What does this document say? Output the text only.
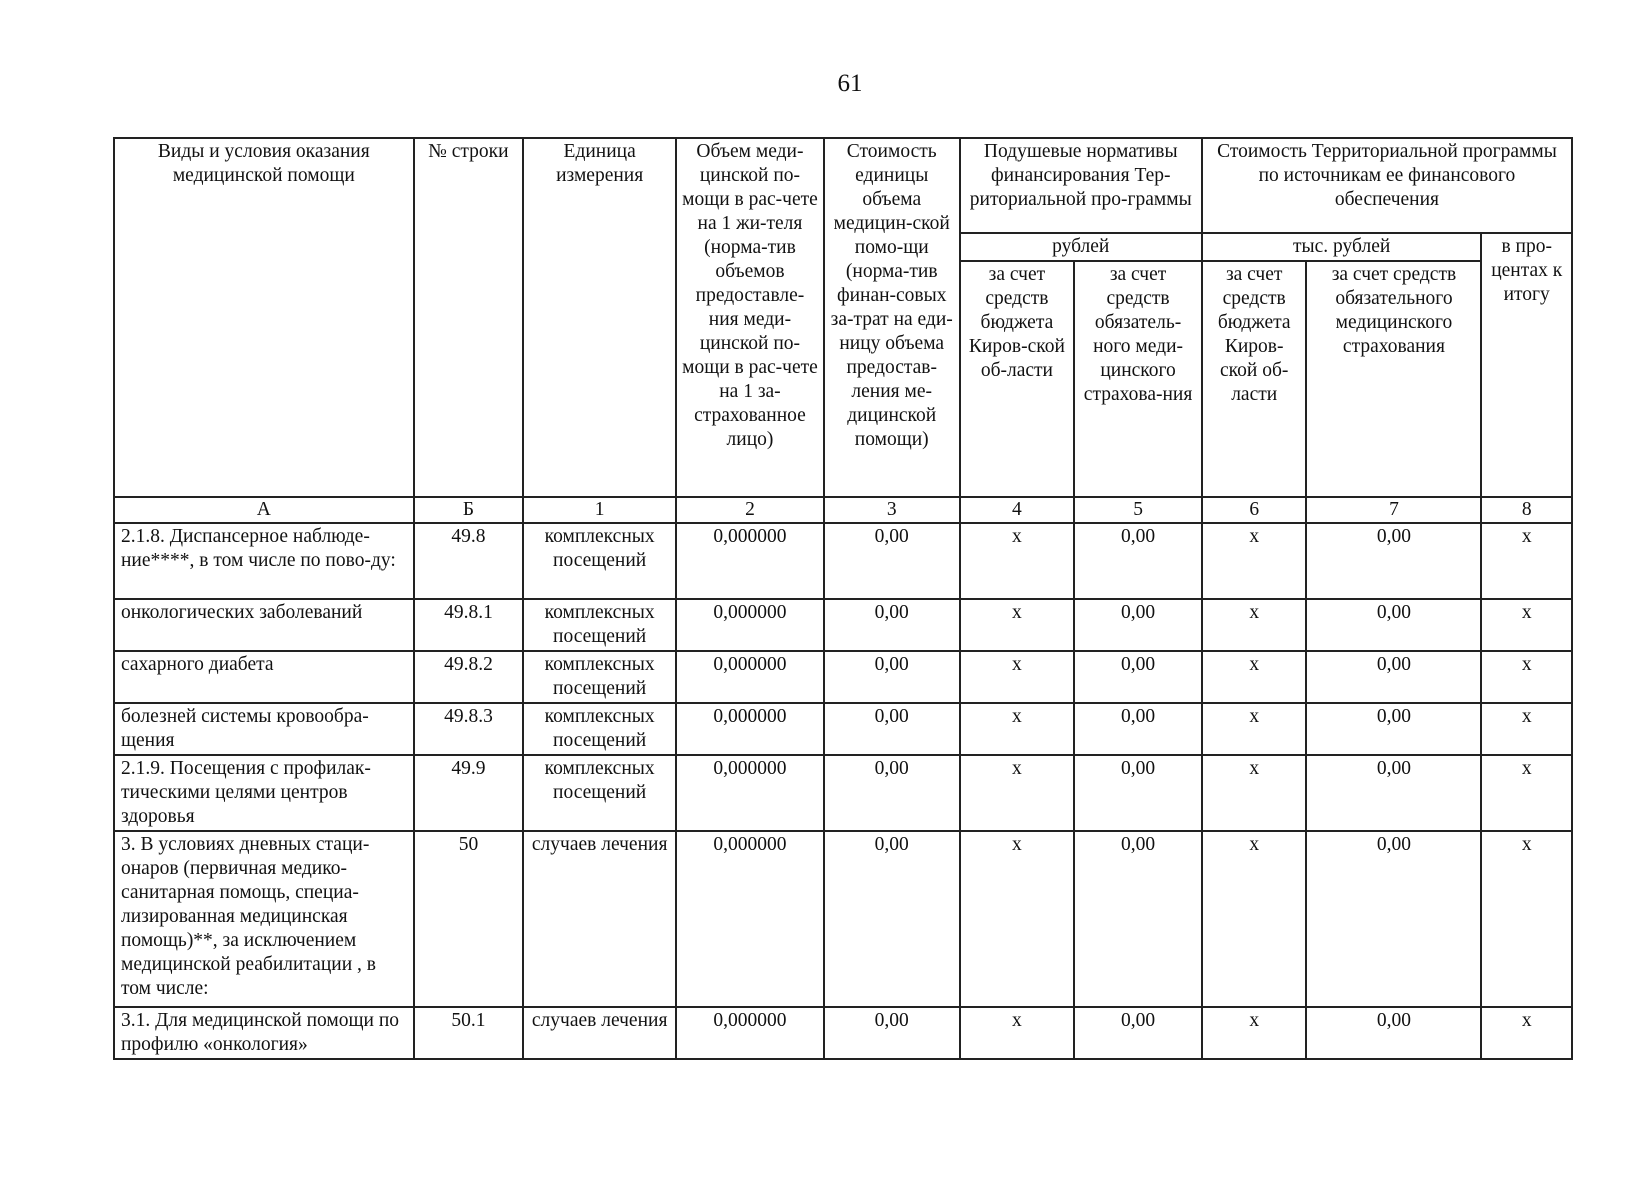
61
Виды и условия оказания медицинской помощи	№ строки	Единица измерения	Объем меди-цинской по-мощи в рас-чете на 1 жи-теля (норма-тив объемов предоставле-ния меди-цинской по-мощи в рас-чете на 1 за-страхованное лицо)	Стоимость единицы объема медицин-ской помо-щи (норма-тив финан-совых за-трат на еди-ницу объема предостав-ления ме-дицинской помощи)	Подушевые нормативы финансирования Тер-риториальной про-граммы		Стоимость Территориальной программы по источникам ее финансового обеспечения		
					рублей		тыс. рублей		в про-центах к итогу
					за счет средств бюджета Киров-ской об-ласти	за счет средств обязатель-ного меди-цинского страхова-ния	за счет средств бюджета Киров-ской об-ласти	за счет средств обязательного медицинского страхования	
А	Б	1	2	3	4	5	6	7	8
2.1.8. Диспансерное наблюде-ние****, в том числе по пово-ду:	49.8	комплексных посещений	0,000000	0,00	х	0,00	х	0,00	х
онкологических заболеваний	49.8.1	комплексных посещений	0,000000	0,00	х	0,00	х	0,00	х
сахарного диабета	49.8.2	комплексных посещений	0,000000	0,00	х	0,00	х	0,00	х
болезней системы кровообра-щения	49.8.3	комплексных посещений	0,000000	0,00	х	0,00	х	0,00	х
2.1.9. Посещения с профилак-тическими целями центров здоровья	49.9	комплексных посещений	0,000000	0,00	х	0,00	х	0,00	х
3. В условиях дневных стаци-онаров (первичная медико-санитарная помощь, специа-лизированная медицинская помощь)**, за исключением медицинской реабилитации , в том числе:	50	случаев лечения	0,000000	0,00	х	0,00	х	0,00	х
3.1. Для медицинской помощи по профилю «онкология»	50.1	случаев лечения	0,000000	0,00	х	0,00	х	0,00	х
